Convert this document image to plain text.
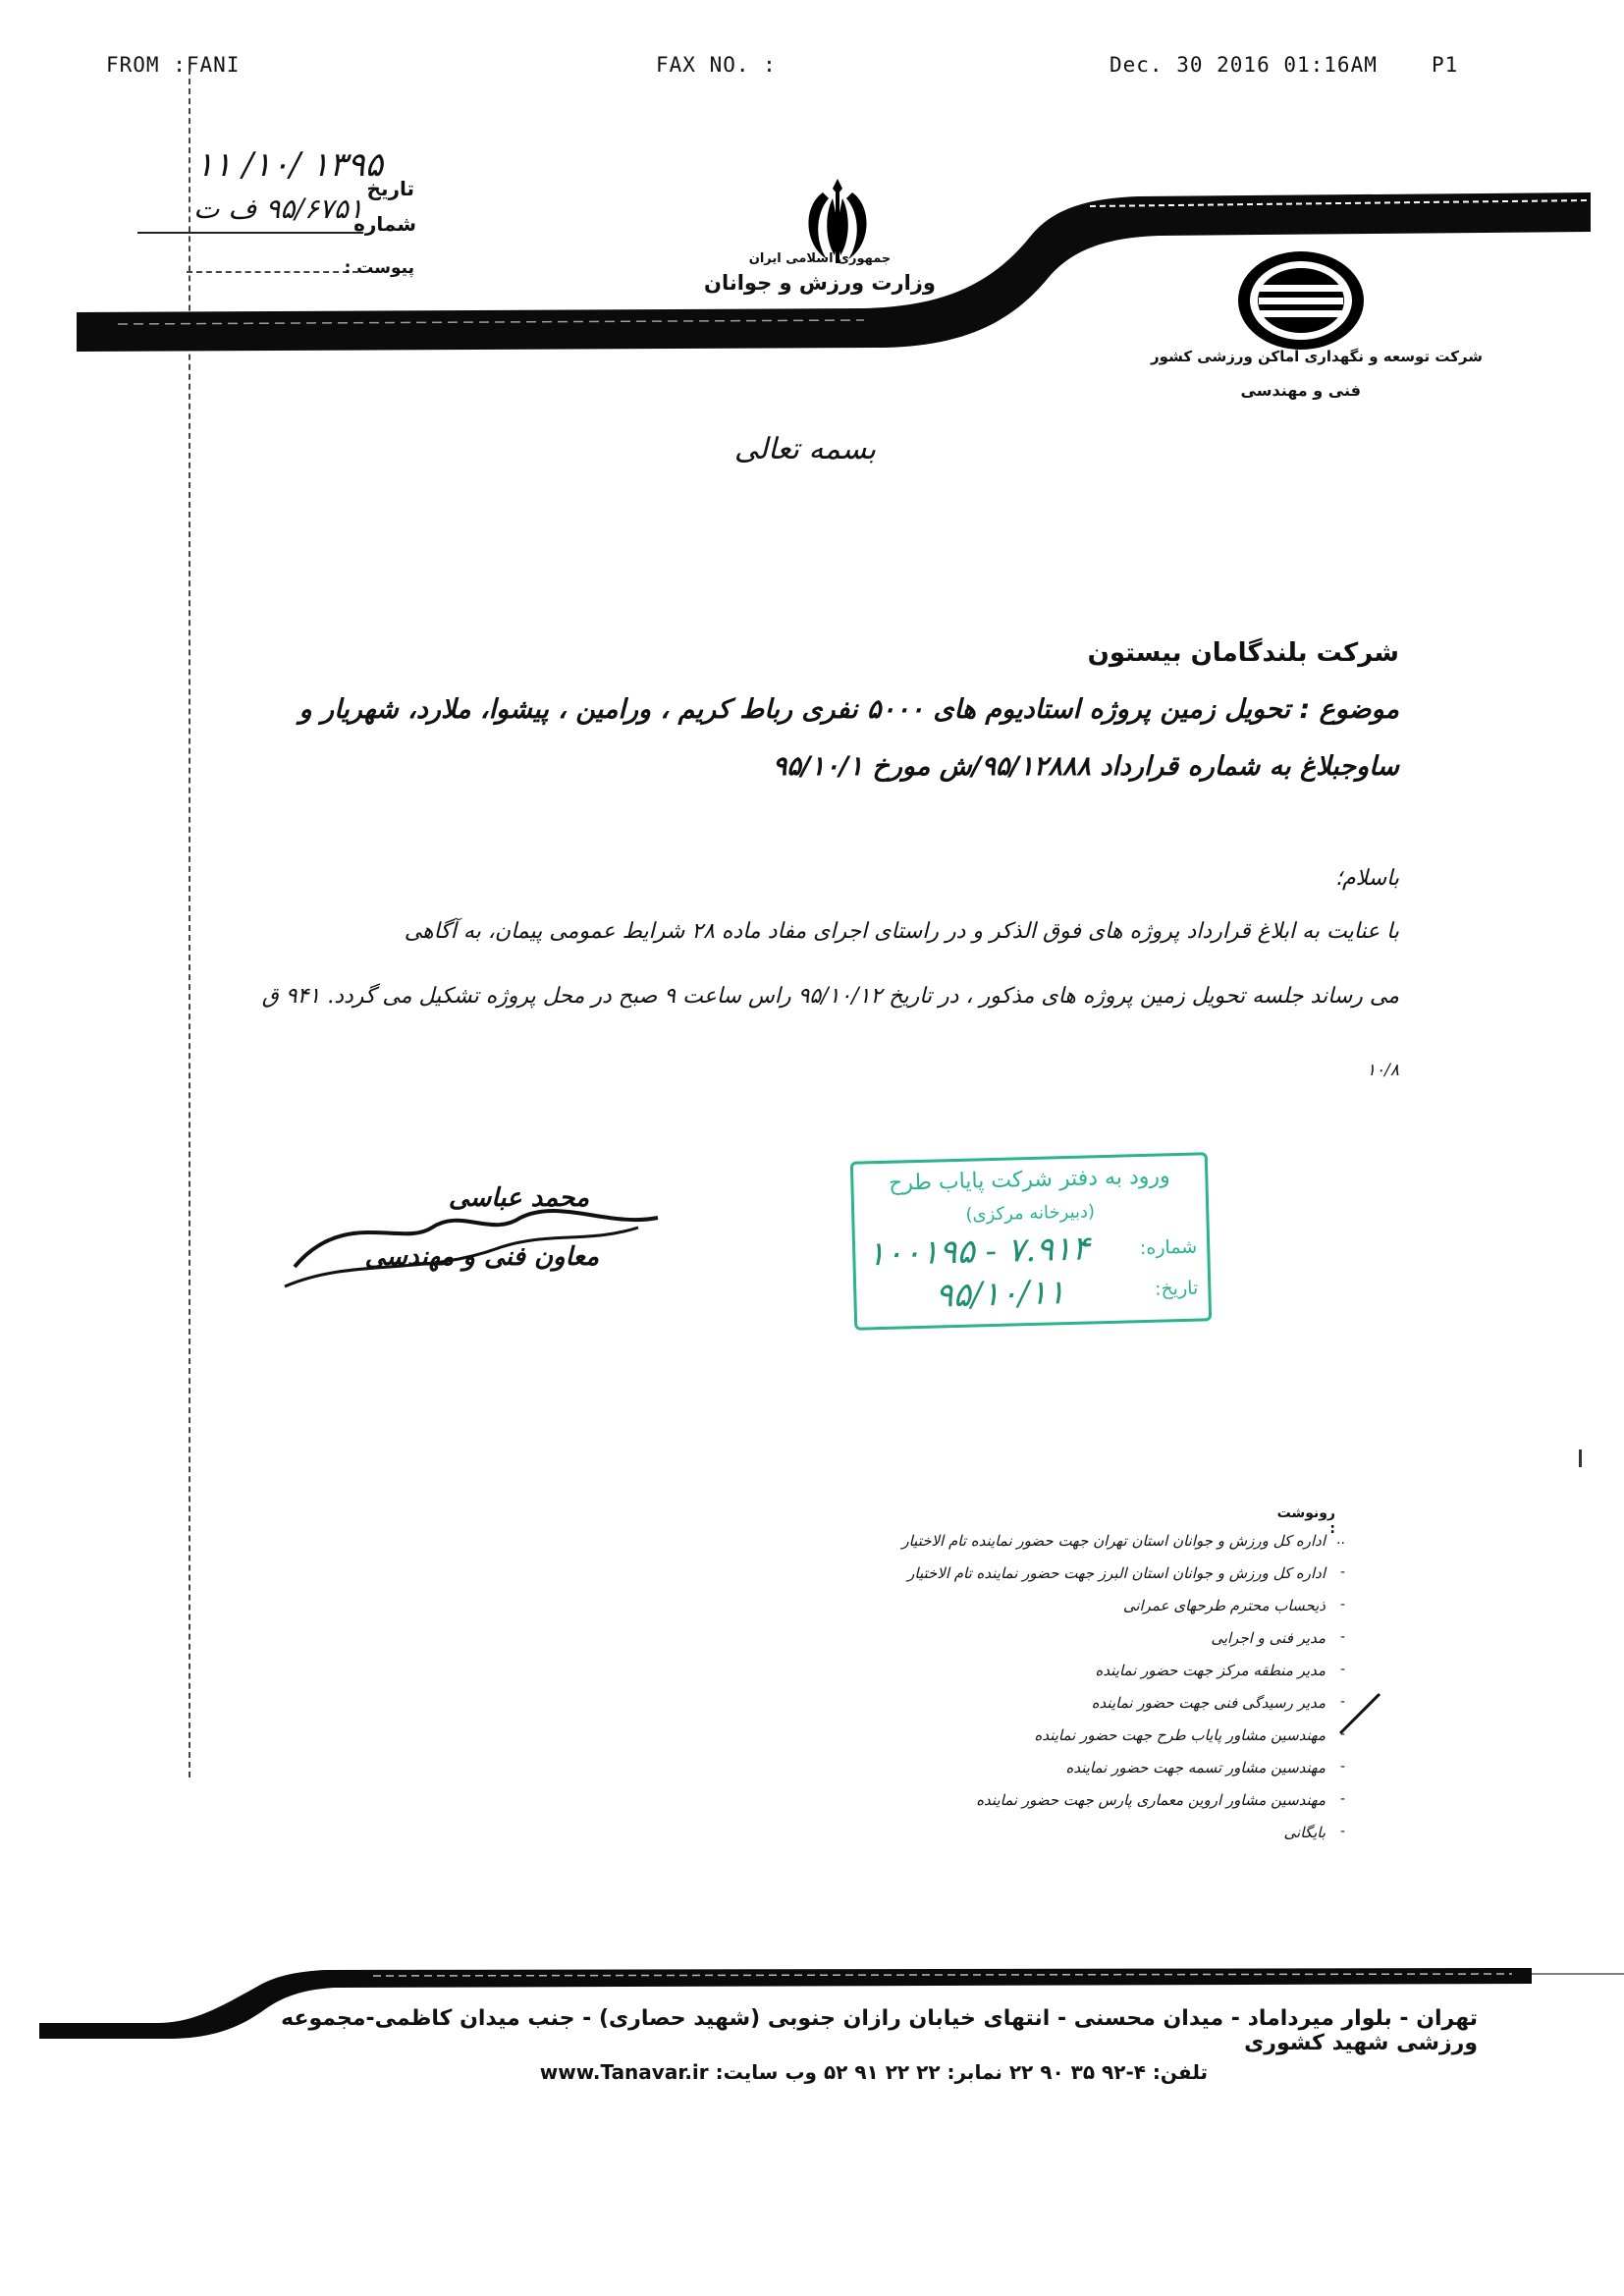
FROM :FANI	FAX NO. :	Dec. 30 2016 01:16AM	P1
۱۳۹۵ /۱۰/ ۱۱
تاریخ
۹۵/۶۷۵۱ ف ت
شماره
پیوست :	جمهوری اسلامی ایران
وزارت ورزش و جوانان
شرکت توسعه و نگهداری اماکن ورزشی کشور
فنی و مهندسی
بسمه تعالی
شرکت بلندگامان بیستون
موضوع : تحویل زمین پروژه استادیوم های ۵۰۰۰ نفری رباط کریم ، ورامین ، پیشوا، ملارد، شهریار و
ساوجبلاغ به شماره قرارداد ۹۵/۱۲۸۸۸/ش مورخ ۹۵/۱۰/۱
باسلام؛
با عنایت به ابلاغ قرارداد پروژه های فوق الذکر و در راستای اجرای مفاد ماده ۲۸ شرایط عمومی پیمان، به آگاهی
می رساند جلسه تحویل زمین پروژه های مذکور ، در تاریخ ۹۵/۱۰/۱۲ راس ساعت ۹ صبح در محل پروژه تشکیل می گردد. ۹۴۱ ق
۱۰/۸
محمد عباسی
معاون فنی و مهندسی
ورود به دفتر شرکت پایاب طرح
(دبیرخانه مرکزی)
شماره:
۱۰۰۱۹۵ - ۷.۹۱۴
تاریخ:
۹۵/۱۰/۱۱
رونوشت :
اداره کل ورزش و جوانان استان تهران جهت حضور نماینده تام الاختیار ..
اداره کل ورزش و جوانان استان البرز جهت حضور نماینده تام الاختیار -
ذیحساب محترم طرحهای عمرانی -
مدیر فنی و اجرایی -
مدیر منطقه مرکز جهت حضور نماینده -
مدیر رسیدگی فنی جهت حضور نماینده -
مهندسین مشاور پایاب طرح جهت حضور نماینده -
مهندسین مشاور تسمه جهت حضور نماینده -
مهندسین مشاور اروین معماری پارس جهت حضور نماینده -
بایگانی -
تهران - بلوار میرداماد - میدان محسنی - انتهای خیابان رازان جنوبی (شهید حصاری) - جنب میدان کاظمی-مجموعه ورزشی شهید کشوری
تلفن: ۴-۹۲ ۳۵ ۹۰ ۲۲ نمابر: ۲۲ ۲۲ ۹۱ ۵۲ وب سایت: www.Tanavar.ir
